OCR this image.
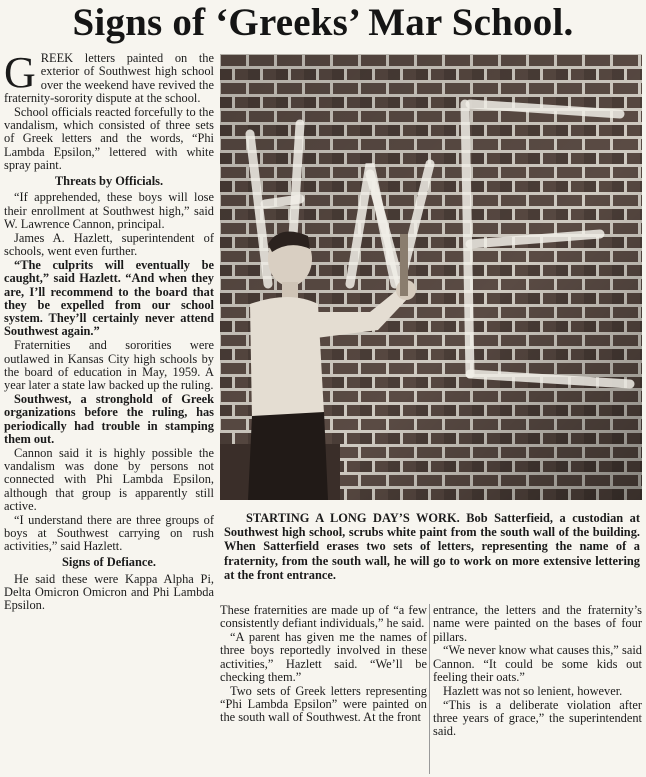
Signs of ‘Greeks’ Mar School.

GREEK letters painted on the exterior of Southwest high school over the weekend have revived the fraternity-sorority dispute at the school.

School officials reacted forcefully to the vandalism, which consisted of three sets of Greek letters and the words, “Phi Lambda Epsilon,” lettered with white spray paint.

Threats by Officials.

“If apprehended, these boys will lose their enrollment at Southwest high,” said W. Lawrence Cannon, principal.

James A. Hazlett, superintendent of schools, went even further.

“The culprits will eventually be caught,” said Hazlett. “And when they are, I’ll recommend to the board that they be expelled from our school system. They’ll certainly never attend Southwest again.”

Fraternities and sororities were outlawed in Kansas City high schools by the board of education in May, 1959. A year later a state law backed up the ruling.

Southwest, a stronghold of Greek organizations before the ruling, has periodically had trouble in stamping them out.

Cannon said it is highly possible the vandalism was done by persons not connected with Phi Lambda Epsilon, although that group is apparently still active.

“I understand there are three groups of boys at Southwest carrying on rush activities,” said Hazlett.

Signs of Defiance.

He said these were Kappa Alpha Pi, Delta Omicron Omicron and Phi Lambda Epsilon.

STARTING A LONG DAY’S WORK. Bob Satterfieid, a custodian at Southwest high school, scrubs white paint from the south wall of the building. When Satterfield erases two sets of letters, representing the name of a fraternity, from the south wall, he will go to work on more extensive lettering at the front entrance.

These fraternities are made up of “a few consistently defiant individuals,” he said.

“A parent has given me the names of three boys reportedly involved in these activities,” Hazlett said. “We’ll be checking them.”

Two sets of Greek letters representing “Phi Lambda Epsilon” were painted on the south wall of Southwest. At the front

entrance, the letters and the fraternity’s name were painted on the bases of four pillars.

“We never know what causes this,” said Cannon. “It could be some kids out feeling their oats.”

Hazlett was not so lenient, however.

“This is a deliberate violation after three years of grace,” the superintendent said.
